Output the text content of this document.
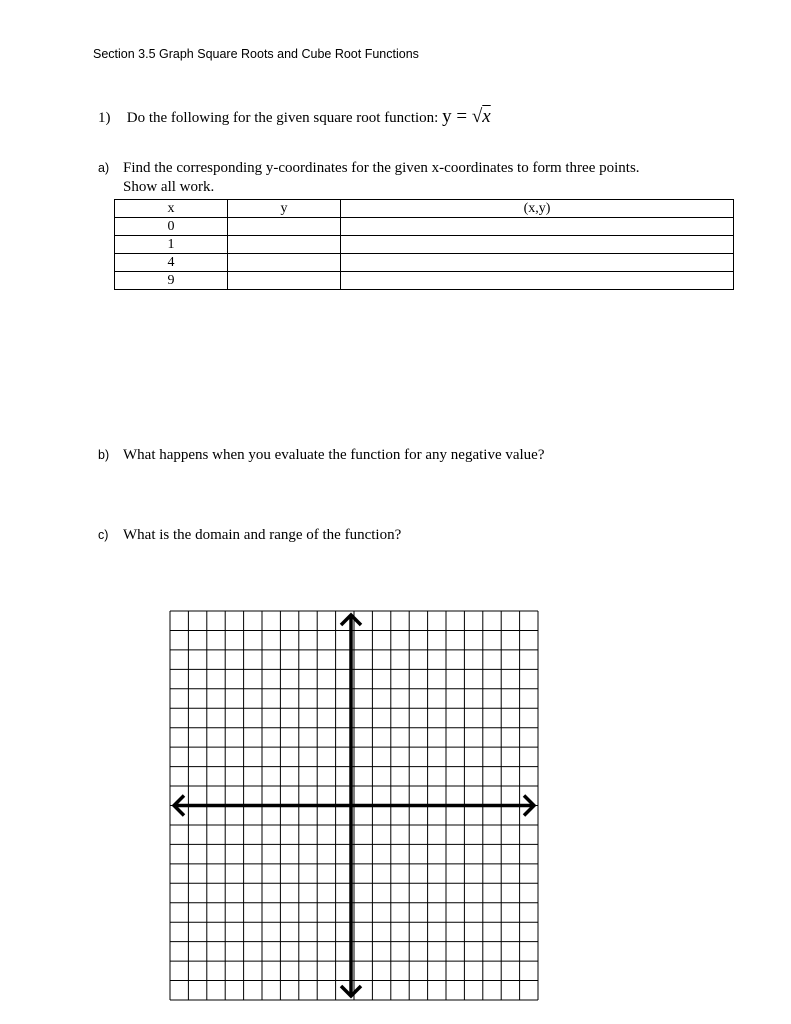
Section 3.5 Graph Square Roots and Cube Root Functions
1) Do the following for the given square root function: y = √x
a) Find the corresponding y-coordinates for the given x-coordinates to form three points.
Show all work.
x	y	(x,y)
0		
1		
4		
9		
b) What happens when you evaluate the function for any negative value?
c) What is the domain and range of the function?
